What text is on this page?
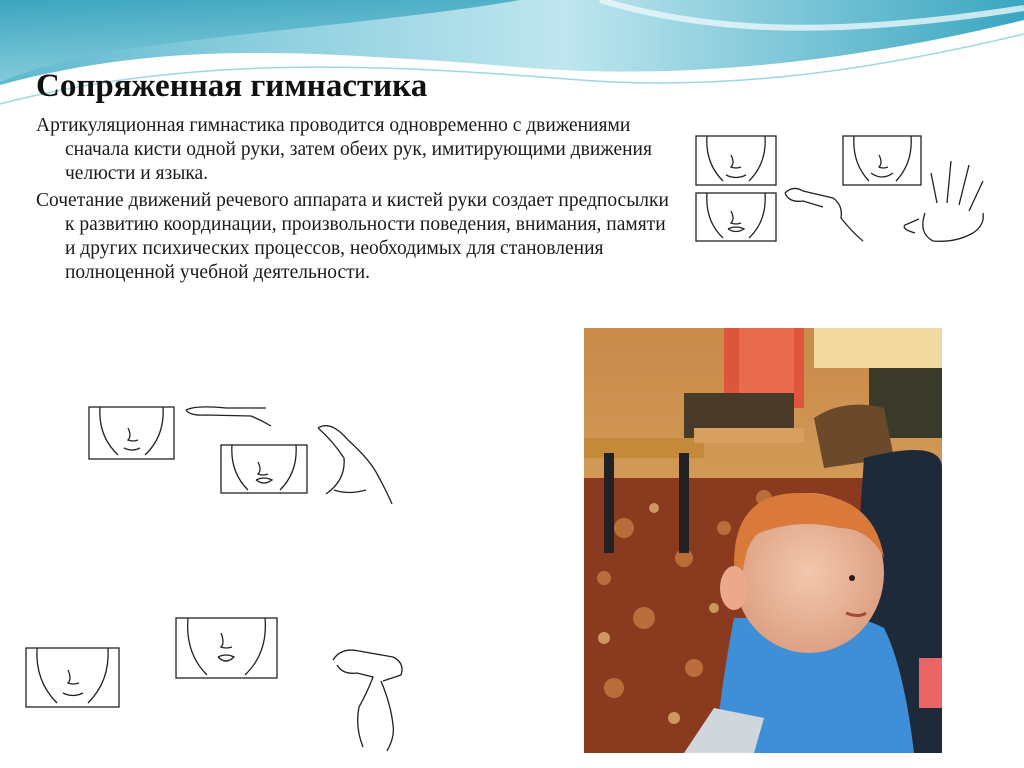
Сопряженная гимнастика

Артикуляционная гимнастика проводится одновременно с движениями сначала кисти одной руки, затем обеих рук, имитирующими движения челюсти и языка.

Сочетание движений речевого аппарата и кистей руки создает предпосылки к развитию координации, произвольности поведения, внимания, памяти и других психических процессов, необходимых для становления полноценной учебной деятельности.
